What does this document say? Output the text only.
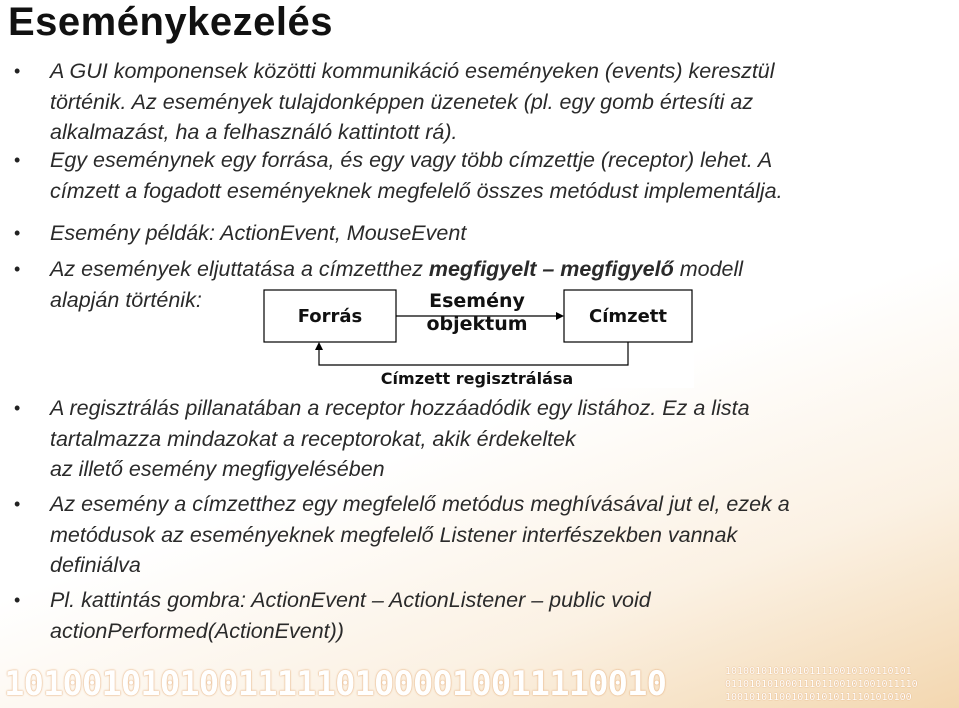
Eseménykezelés
• A GUI komponensek közötti kommunikáció eseményeken (events) keresztül
történik. Az események tulajdonképpen üzenetek (pl. egy gomb értesíti az
alkalmazást, ha a felhasználó kattintott rá).
• Egy eseménynek egy forrása, és egy vagy több címzettje (receptor) lehet. A
címzett a fogadott eseményeknek megfelelő összes metódust implementálja.
• Esemény példák: ActionEvent, MouseEvent
• Az események eljuttatása a címzetthez megfigyelt – megfigyelő modell
alapján történik:
• A regisztrálás pillanatában a receptor hozzáadódik egy listához. Ez a lista
tartalmazza mindazokat a receptorokat, akik érdekeltek
az illető esemény megfigyelésében
• Az esemény a címzetthez egy megfelelő metódus meghívásával jut el, ezek a
metódusok az eseményeknek megfelelő Listener interfészekben vannak
definiálva
• Pl. kattintás gombra: ActionEvent – ActionListener – public void
actionPerformed(ActionEvent))
Forrás	Címzett
Esemény
objektum
Címzett regisztrálása
1010010101001111101000010011110010	1010010101001011110010100110101
01101010100011101100101001011110
1001010110010101010111101010100
